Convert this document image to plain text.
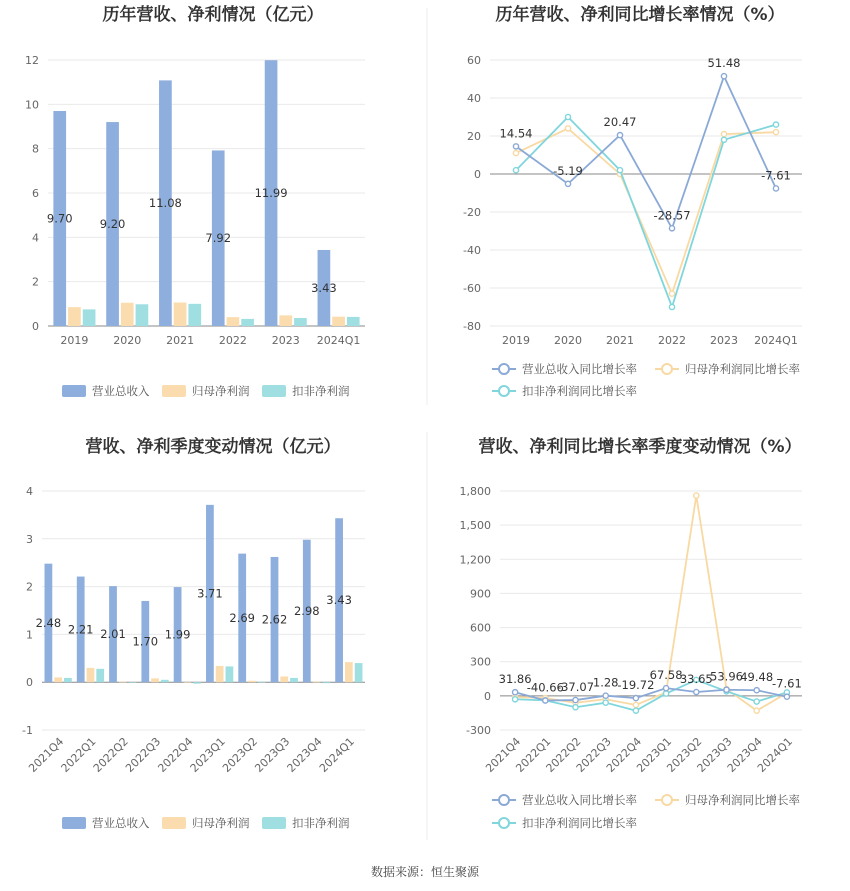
历年营收、净利情况（亿元）
0
2
4
6
8
10
12
2019 2020 2021 2022 2023 2024Q1
9.70 9.20
11.08
7.92
11.99
3.43
营业总收入	归母净利润	扣非净利润
历年营收、净利同比增长率情况（%）
-80
-60
-40
-20
0
20
40
60
2019 2020 2021 2022 2023 2024Q1
14.54
-5.19
20.47
-28.57
51.48
-7.61
营业总收入同比增长率	归母净利润同比增长率
扣非净利润同比增长率
营收、净利季度变动情况（亿元）
-1
0
1
2
3
4
2021Q4
2022Q1
2022Q2
2022Q3
2022Q4
2023Q1
2023Q2
2023Q3
2023Q4
2024Q1
2.48 2.21 2.01
1.70 1.99
3.71
2.69 2.62
2.98
3.43
营业总收入	归母净利润	扣非净利润
营收、净利同比增长率季度变动情况（%）
-300
0
300
600
900
1,200
1,500
1,800
2021Q4
2022Q1
2022Q2
2022Q3
2022Q4
2023Q1
2023Q2
2023Q3
2023Q4
2024Q1
31.86
-40.66
-37.07
1.28
-19.72
67.58
33.65
53.96
49.48
-7.61
营业总收入同比增长率	归母净利润同比增长率
扣非净利润同比增长率
数据来源：恒生聚源
